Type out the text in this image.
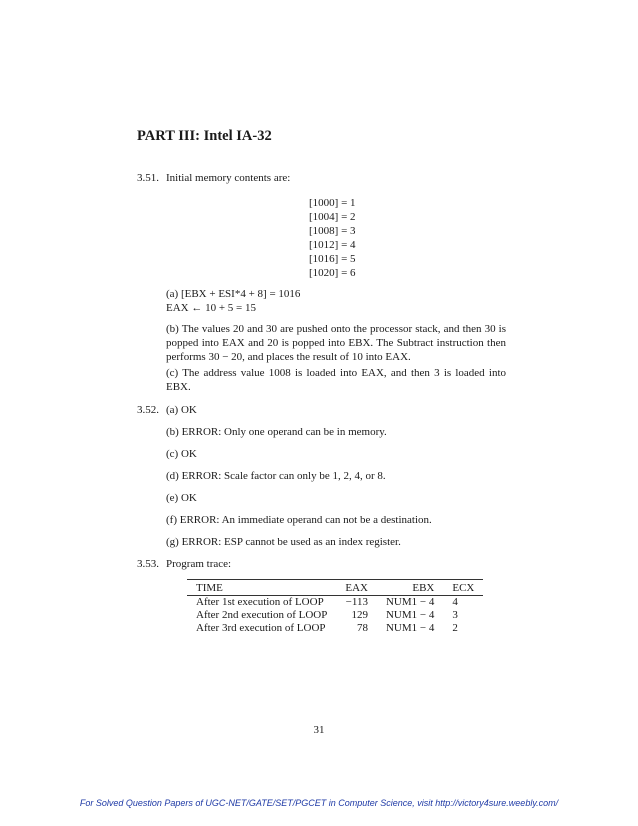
PART III: Intel IA-32
3.51. Initial memory contents are:
[1000] = 1
[1004] = 2
[1008] = 3
[1012] = 4
[1016] = 5
[1020] = 6
(a) [EBX + ESI*4 + 8] = 1016
EAX ← 10 + 5 = 15
(b) The values 20 and 30 are pushed onto the processor stack, and then 30 is popped into EAX and 20 is popped into EBX. The Subtract instruction then performs 30 − 20, and places the result of 10 into EAX.
(c) The address value 1008 is loaded into EAX, and then 3 is loaded into EBX.
3.52. (a) OK
(b) ERROR: Only one operand can be in memory.
(c) OK
(d) ERROR: Scale factor can only be 1, 2, 4, or 8.
(e) OK
(f) ERROR: An immediate operand can not be a destination.
(g) ERROR: ESP cannot be used as an index register.
3.53. Program trace:
TIME	EAX	EBX	ECX
After 1st execution of LOOP	−113	NUM1 − 4	4
After 2nd execution of LOOP	129	NUM1 − 4	3
After 3rd execution of LOOP	78	NUM1 − 4	2
31
For Solved Question Papers of UGC-NET/GATE/SET/PGCET in Computer Science, visit http://victory4sure.weebly.com/
